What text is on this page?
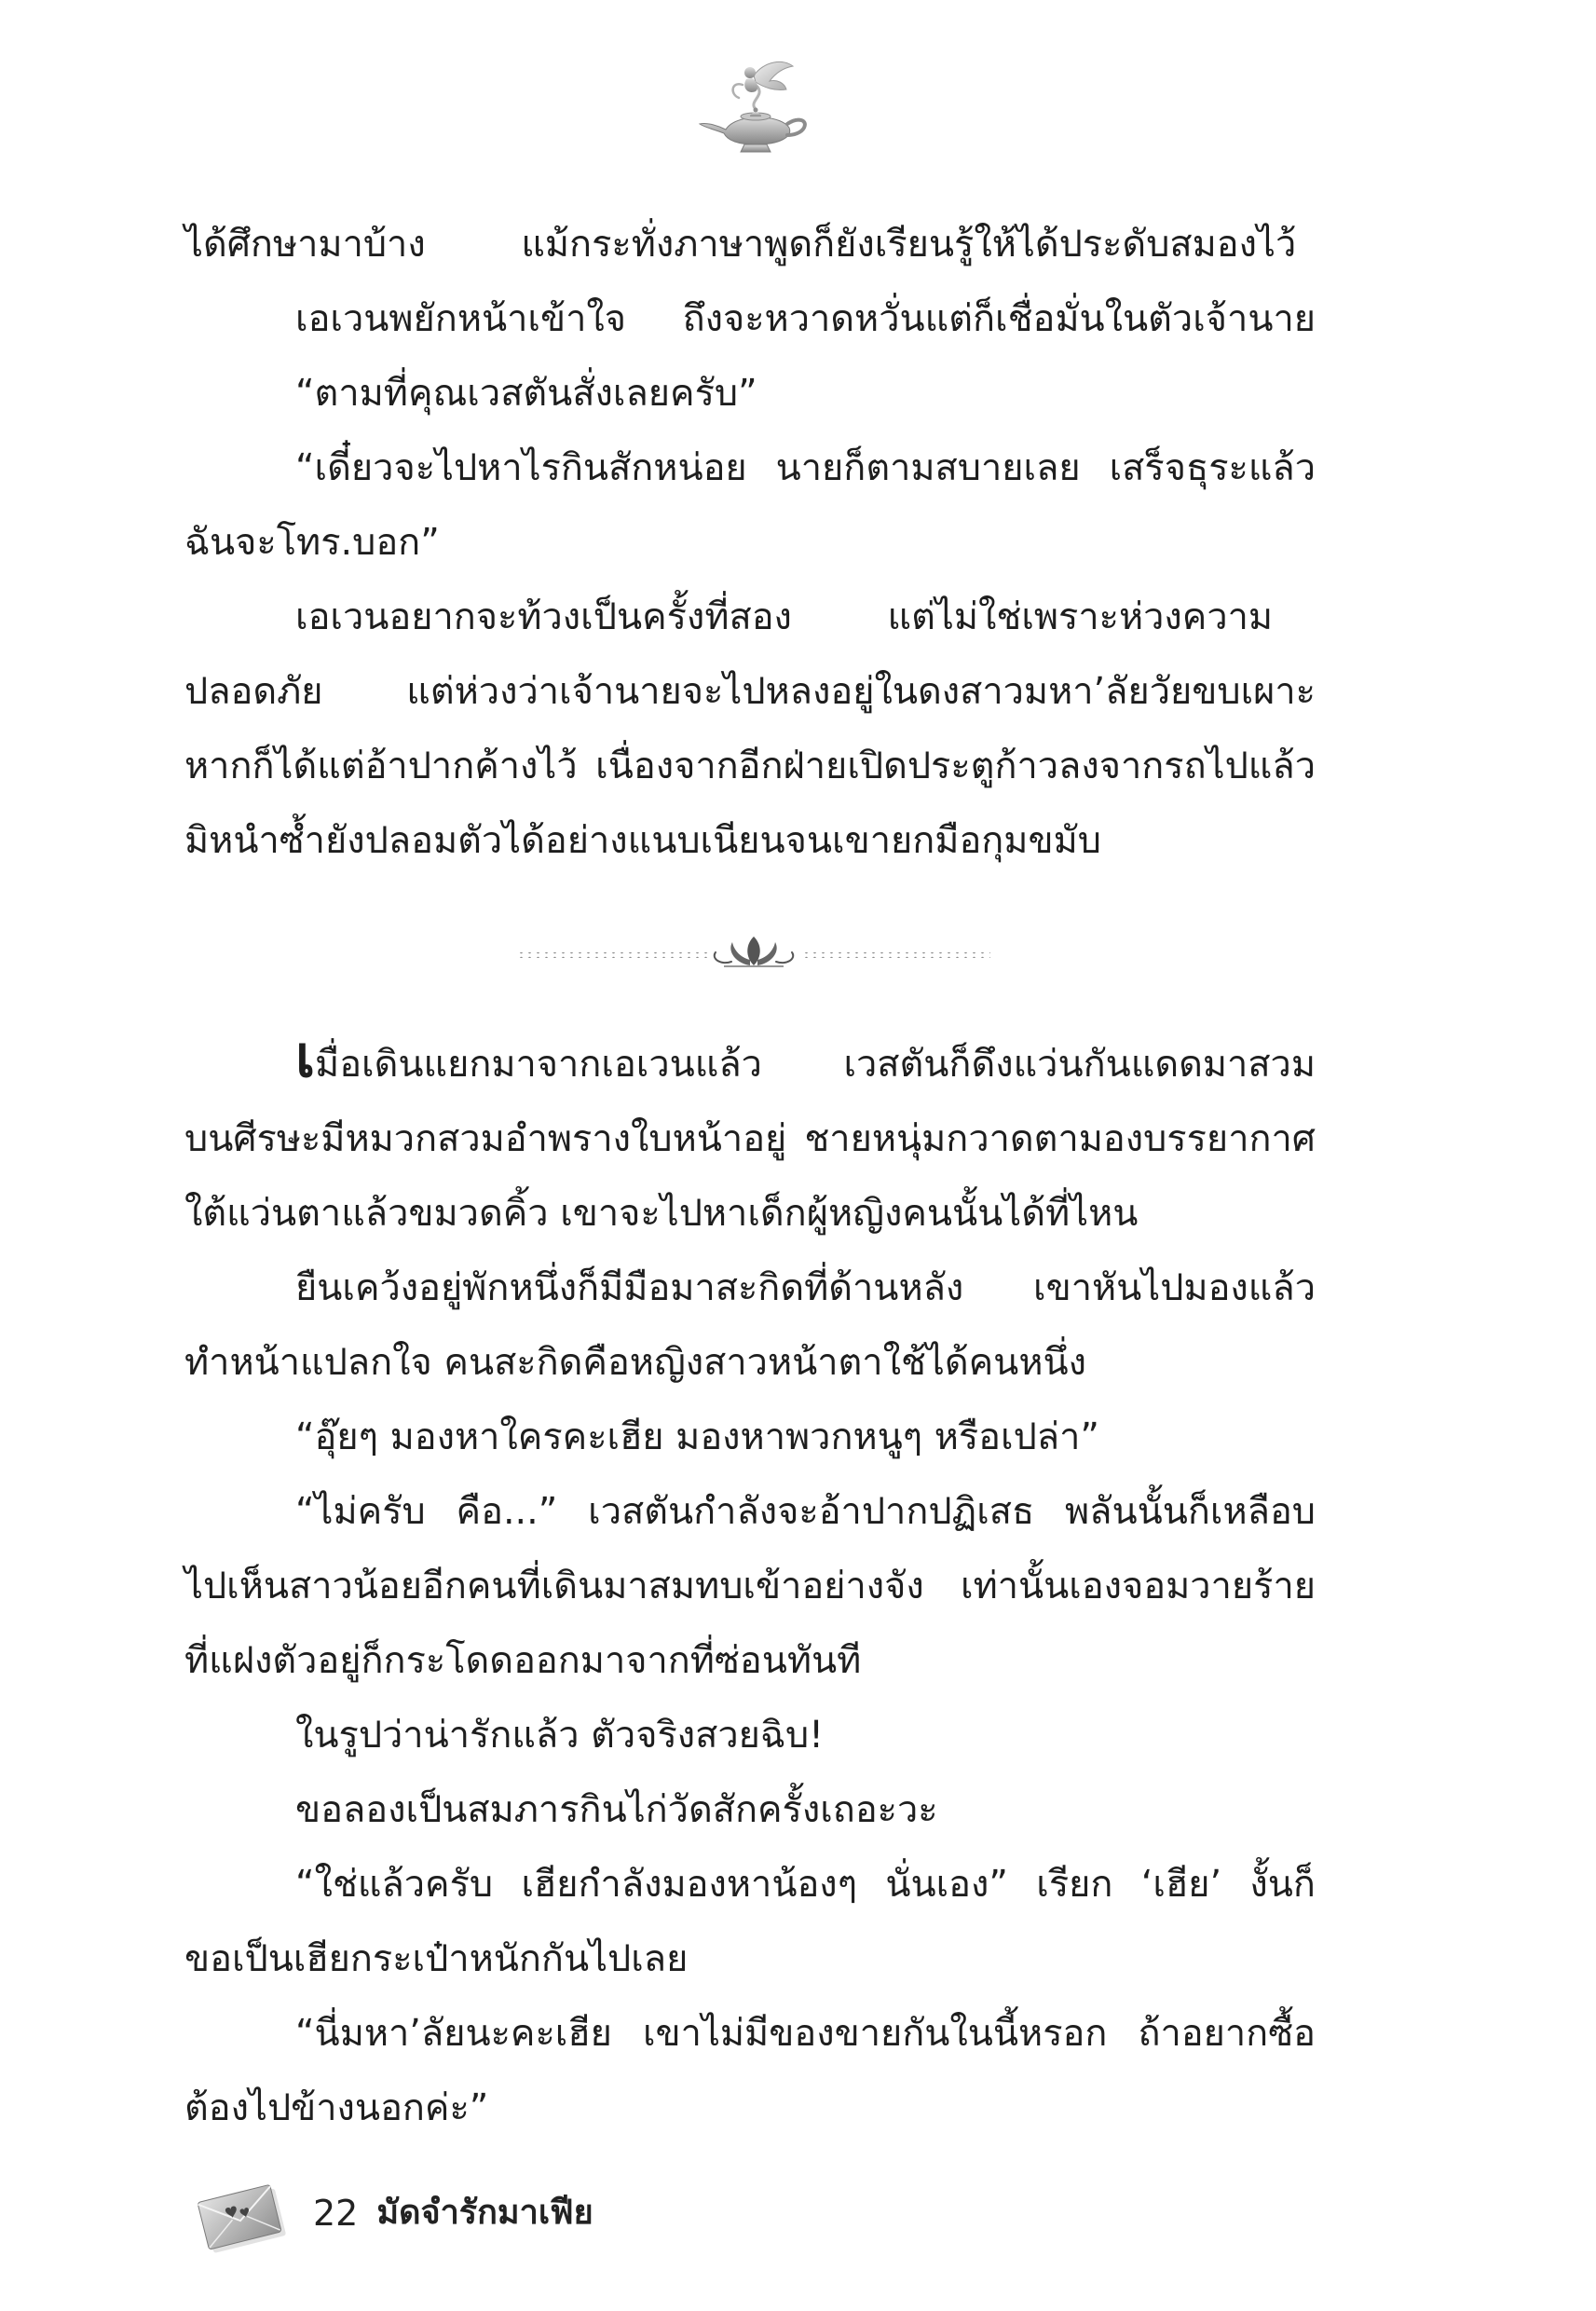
ได้ศึกษามาบ้าง แม้กระทั่งภาษาพูดก็ยังเรียนรู้ให้ได้ประดับสมองไว้
เอเวนพยักหน้าเข้าใจ ถึงจะหวาดหวั่นแต่ก็เชื่อมั่นในตัวเจ้านาย
“ตามที่คุณเวสตันสั่งเลยครับ”
“เดี๋ยวจะไปหาไรกินสักหน่อย นายก็ตามสบายเลย เสร็จธุระแล้ว
ฉันจะโทร.บอก”
เอเวนอยากจะท้วงเป็นครั้งที่สอง แต่ไม่ใช่เพราะห่วงความ
ปลอดภัย แต่ห่วงว่าเจ้านายจะไปหลงอยู่ในดงสาวมหา’ลัยวัยขบเผาะ
หากก็ได้แต่อ้าปากค้างไว้ เนื่องจากอีกฝ่ายเปิดประตูก้าวลงจากรถไปแล้ว
มิหนำซ้ำยังปลอมตัวได้อย่างแนบเนียนจนเขายกมือกุมขมับ
เมื่อเดินแยกมาจากเอเวนแล้ว เวสตันก็ดึงแว่นกันแดดมาสวม
บนศีรษะมีหมวกสวมอำพรางใบหน้าอยู่ ชายหนุ่มกวาดตามองบรรยากาศ
ใต้แว่นตาแล้วขมวดคิ้ว เขาจะไปหาเด็กผู้หญิงคนนั้นได้ที่ไหน
ยืนเคว้งอยู่พักหนึ่งก็มีมือมาสะกิดที่ด้านหลัง เขาหันไปมองแล้ว
ทำหน้าแปลกใจ คนสะกิดคือหญิงสาวหน้าตาใช้ได้คนหนึ่ง
“อุ๊ยๆ มองหาใครคะเฮีย มองหาพวกหนูๆ หรือเปล่า”
“ไม่ครับ คือ...” เวสตันกำลังจะอ้าปากปฏิเสธ พลันนั้นก็เหลือบ
ไปเห็นสาวน้อยอีกคนที่เดินมาสมทบเข้าอย่างจัง เท่านั้นเองจอมวายร้าย
ที่แฝงตัวอยู่ก็กระโดดออกมาจากที่ซ่อนทันที
ในรูปว่าน่ารักแล้ว ตัวจริงสวยฉิบ!
ขอลองเป็นสมภารกินไก่วัดสักครั้งเถอะวะ
“ใช่แล้วครับ เฮียกำลังมองหาน้องๆ นั่นเอง” เรียก ‘เฮีย’ งั้นก็
ขอเป็นเฮียกระเป๋าหนักกันไปเลย
“นี่มหา’ลัยนะคะเฮีย เขาไม่มีของขายกันในนี้หรอก ถ้าอยากซื้อ
ต้องไปข้างนอกค่ะ”
22 มัดจำรักมาเฟีย
